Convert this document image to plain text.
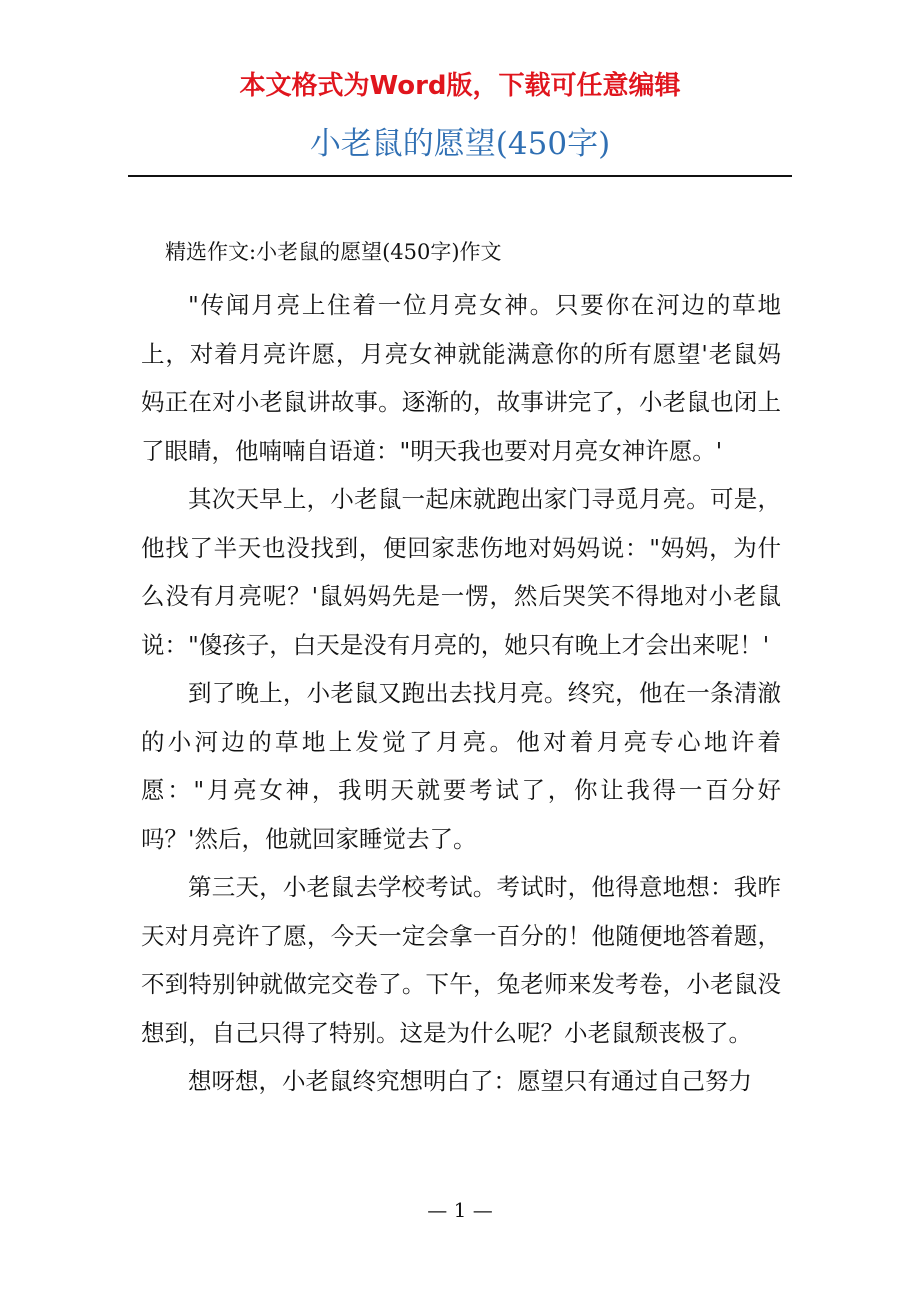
本文格式为Word版，下载可任意编辑
小老鼠的愿望(450字)
精选作文:小老鼠的愿望(450字)作文

"传闻月亮上住着一位月亮女神。只要你在河边的草地上，对着月亮许愿，月亮女神就能满意你的所有愿望'老鼠妈妈正在对小老鼠讲故事。逐渐的，故事讲完了，小老鼠也闭上了眼睛，他喃喃自语道："明天我也要对月亮女神许愿。'

其次天早上，小老鼠一起床就跑出家门寻觅月亮。可是，他找了半天也没找到，便回家悲伤地对妈妈说："妈妈，为什么没有月亮呢？'鼠妈妈先是一愣，然后哭笑不得地对小老鼠说："傻孩子，白天是没有月亮的，她只有晚上才会出来呢！'

到了晚上，小老鼠又跑出去找月亮。终究，他在一条清澈的小河边的草地上发觉了月亮。他对着月亮专心地许着愿："月亮女神，我明天就要考试了，你让我得一百分好吗？'然后，他就回家睡觉去了。

第三天，小老鼠去学校考试。考试时，他得意地想：我昨天对月亮许了愿，今天一定会拿一百分的！他随便地答着题，不到特别钟就做完交卷了。下午，兔老师来发考卷，小老鼠没想到，自己只得了特别。这是为什么呢？小老鼠颓丧极了。

想呀想，小老鼠终究想明白了：愿望只有通过自己努力

— 1 —
